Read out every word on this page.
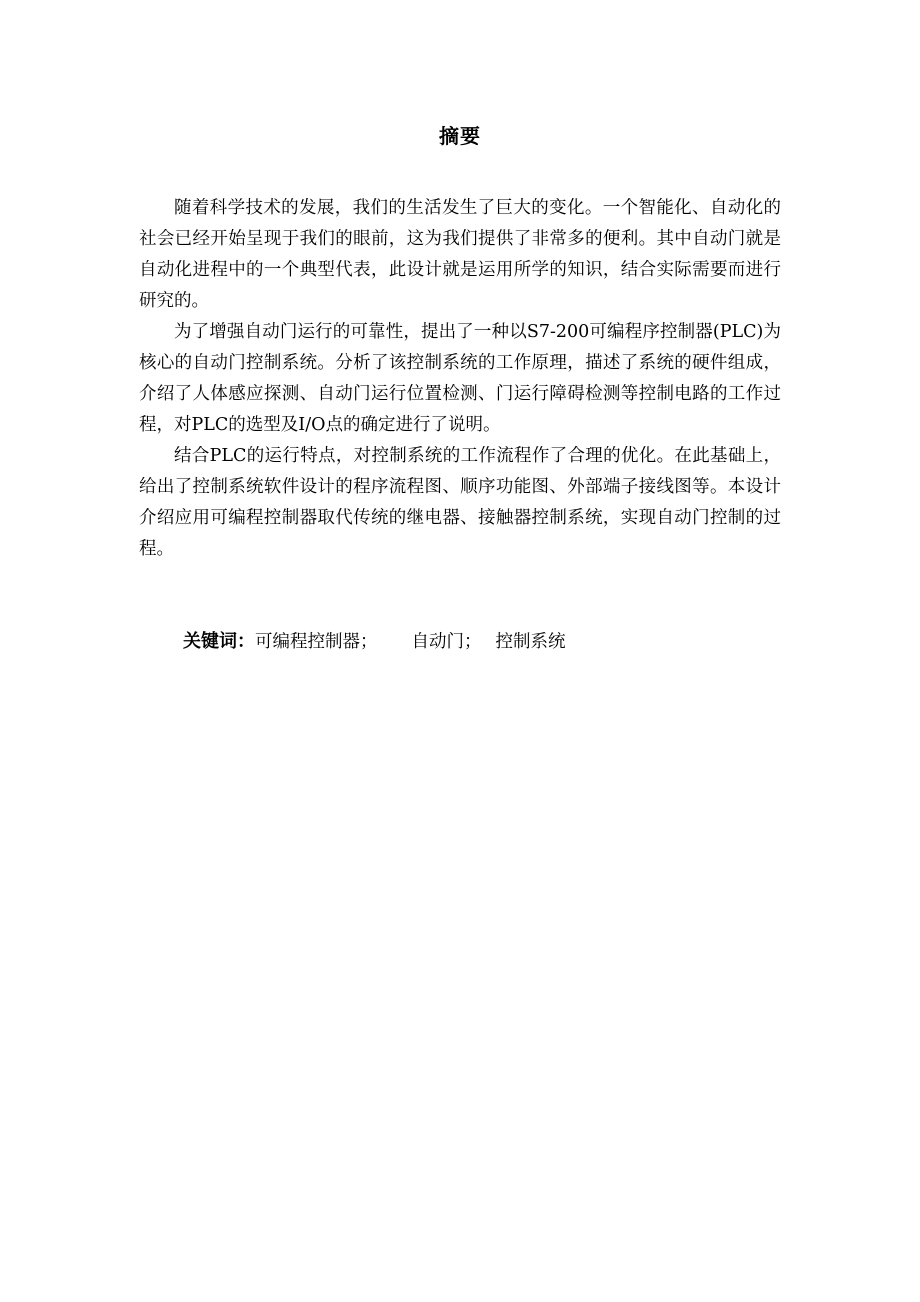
摘要

随着科学技术的发展，我们的生活发生了巨大的变化。一个智能化、自动化的社会已经开始呈现于我们的眼前，这为我们提供了非常多的便利。其中自动门就是自动化进程中的一个典型代表，此设计就是运用所学的知识，结合实际需要而进行研究的。

为了增强自动门运行的可靠性，提出了一种以S7-200可编程序控制器(PLC)为核心的自动门控制系统。分析了该控制系统的工作原理，描述了系统的硬件组成，介绍了人体感应探测、自动门运行位置检测、门运行障碍检测等控制电路的工作过程，对PLC的选型及I/O点的确定进行了说明。

结合PLC的运行特点，对控制系统的工作流程作了合理的优化。在此基础上，给出了控制系统软件设计的程序流程图、顺序功能图、外部端子接线图等。本设计介绍应用可编程控制器取代传统的继电器、接触器控制系统，实现自动门控制的过程。

关键词：可编程控制器； 自动门； 控制系统
